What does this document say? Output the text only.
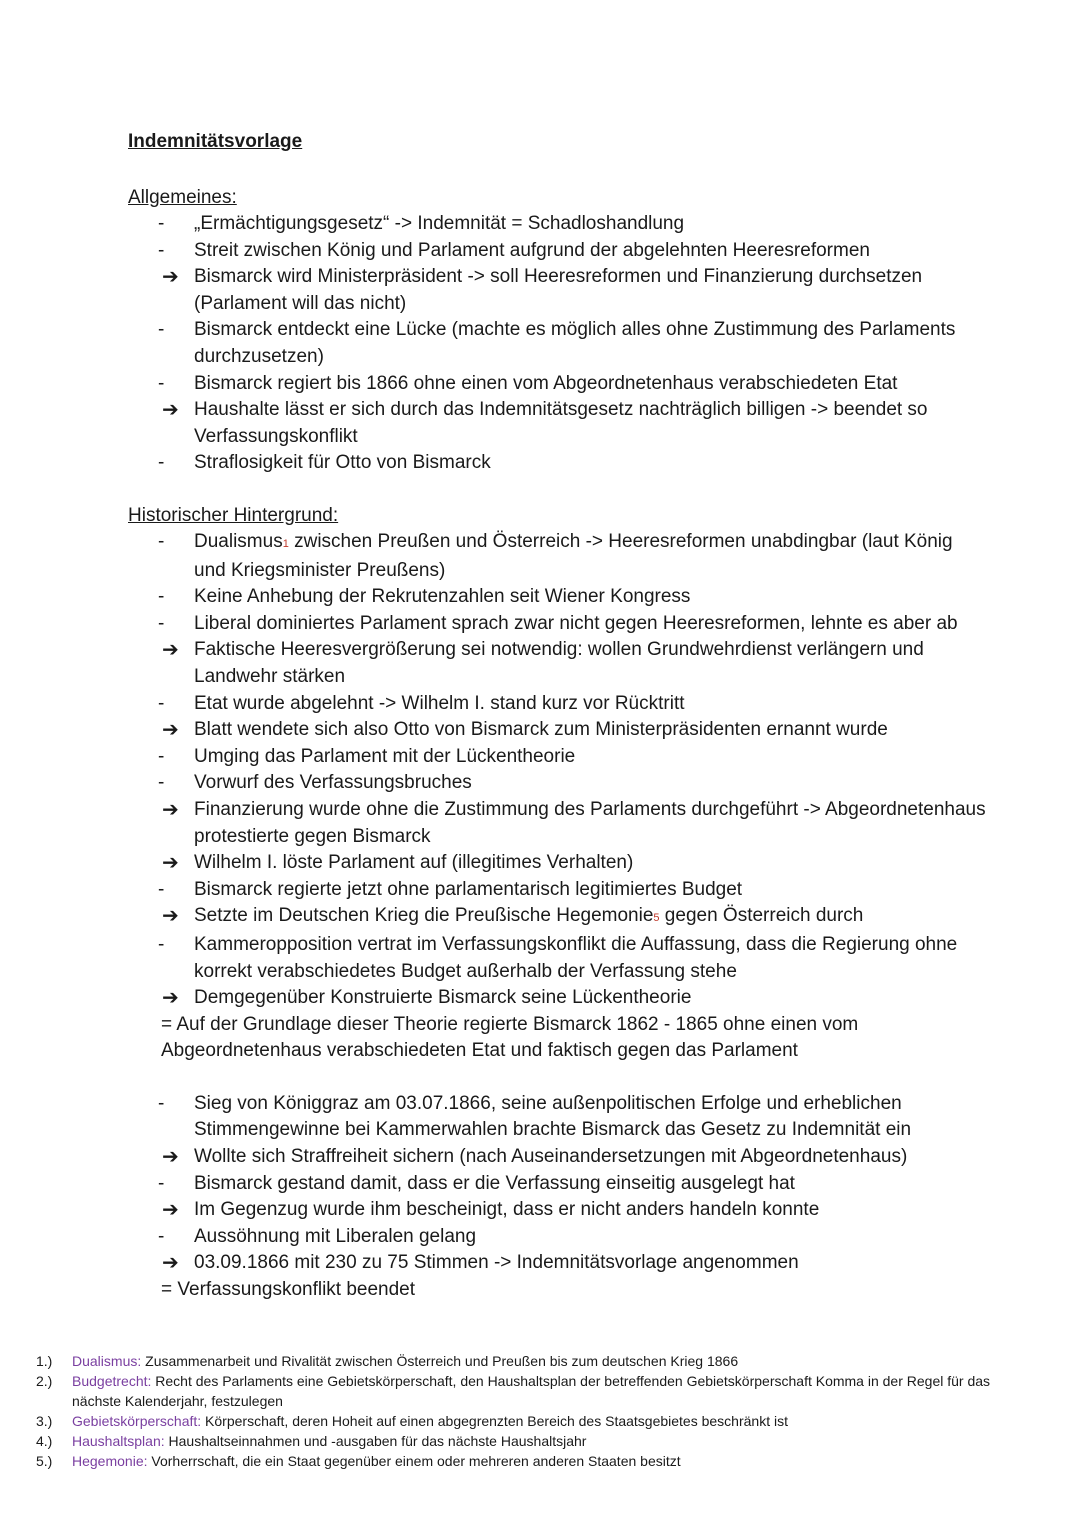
Indemnitätsvorlage
Allgemeines:
-	„Ermächtigungsgesetz“ -> Indemnität = Schadloshandlung
-	Streit zwischen König und Parlament aufgrund der abgelehnten Heeresreformen
➔ Bismarck wird Ministerpräsident -> soll Heeresreformen und Finanzierung durchsetzen (Parlament will das nicht)
-	Bismarck entdeckt eine Lücke (machte es möglich alles ohne Zustimmung des Parlaments durchzusetzen)
-	Bismarck regiert bis 1866 ohne einen vom Abgeordnetenhaus verabschiedeten Etat
➔ Haushalte lässt er sich durch das Indemnitätsgesetz nachträglich billigen -> beendet so Verfassungskonflikt
-	Straflosigkeit für Otto von Bismarck
Historischer Hintergrund:
-	Dualismus1 zwischen Preußen und Österreich -> Heeresreformen unabdingbar (laut König und Kriegsminister Preußens)
-	Keine Anhebung der Rekrutenzahlen seit Wiener Kongress
-	Liberal dominiertes Parlament sprach zwar nicht gegen Heeresreformen, lehnte es aber ab
➔ Faktische Heeresvergrößerung sei notwendig: wollen Grundwehrdienst verlängern und Landwehr stärken
-	Etat wurde abgelehnt -> Wilhelm I. stand kurz vor Rücktritt
➔ Blatt wendete sich also Otto von Bismarck zum Ministerpräsidenten ernannt wurde
-	Umging das Parlament mit der Lückentheorie
-	Vorwurf des Verfassungsbruches
➔ Finanzierung wurde ohne die Zustimmung des Parlaments durchgeführt -> Abgeordnetenhaus protestierte gegen Bismarck
➔ Wilhelm I. löste Parlament auf (illegitimes Verhalten)
-	Bismarck regierte jetzt ohne parlamentarisch legitimiertes Budget
➔ Setzte im Deutschen Krieg die Preußische Hegemonie5 gegen Österreich durch
-	Kammeropposition vertrat im Verfassungskonflikt die Auffassung, dass die Regierung ohne korrekt verabschiedetes Budget außerhalb der Verfassung stehe
➔ Demgegenüber Konstruierte Bismarck seine Lückentheorie
= Auf der Grundlage dieser Theorie regierte Bismarck 1862 - 1865 ohne einen vom Abgeordnetenhaus verabschiedeten Etat und faktisch gegen das Parlament
-	Sieg von Königgraz am 03.07.1866, seine außenpolitischen Erfolge und erheblichen Stimmengewinne bei Kammerwahlen brachte Bismarck das Gesetz zu Indemnität ein
➔ Wollte sich Straffreiheit sichern (nach Auseinandersetzungen mit Abgeordnetenhaus)
-	Bismarck gestand damit, dass er die Verfassung einseitig ausgelegt hat
➔ Im Gegenzug wurde ihm bescheinigt, dass er nicht anders handeln konnte
-	Aussöhnung mit Liberalen gelang
➔ 03.09.1866 mit 230 zu 75 Stimmen -> Indemnitätsvorlage angenommen
= Verfassungskonflikt beendet
1.) Dualismus: Zusammenarbeit und Rivalität zwischen Österreich und Preußen bis zum deutschen Krieg 1866
2.) Budgetrecht: Recht des Parlaments eine Gebietskörperschaft, den Haushaltsplan der betreffenden Gebietskörperschaft Komma in der Regel für das nächste Kalenderjahr, festzulegen
3.) Gebietskörperschaft: Körperschaft, deren Hoheit auf einen abgegrenzten Bereich des Staatsgebietes beschränkt ist
4.) Haushaltsplan: Haushaltseinnahmen und -ausgaben für das nächste Haushaltsjahr
5.) Hegemonie: Vorherrschaft, die ein Staat gegenüber einem oder mehreren anderen Staaten besitzt
